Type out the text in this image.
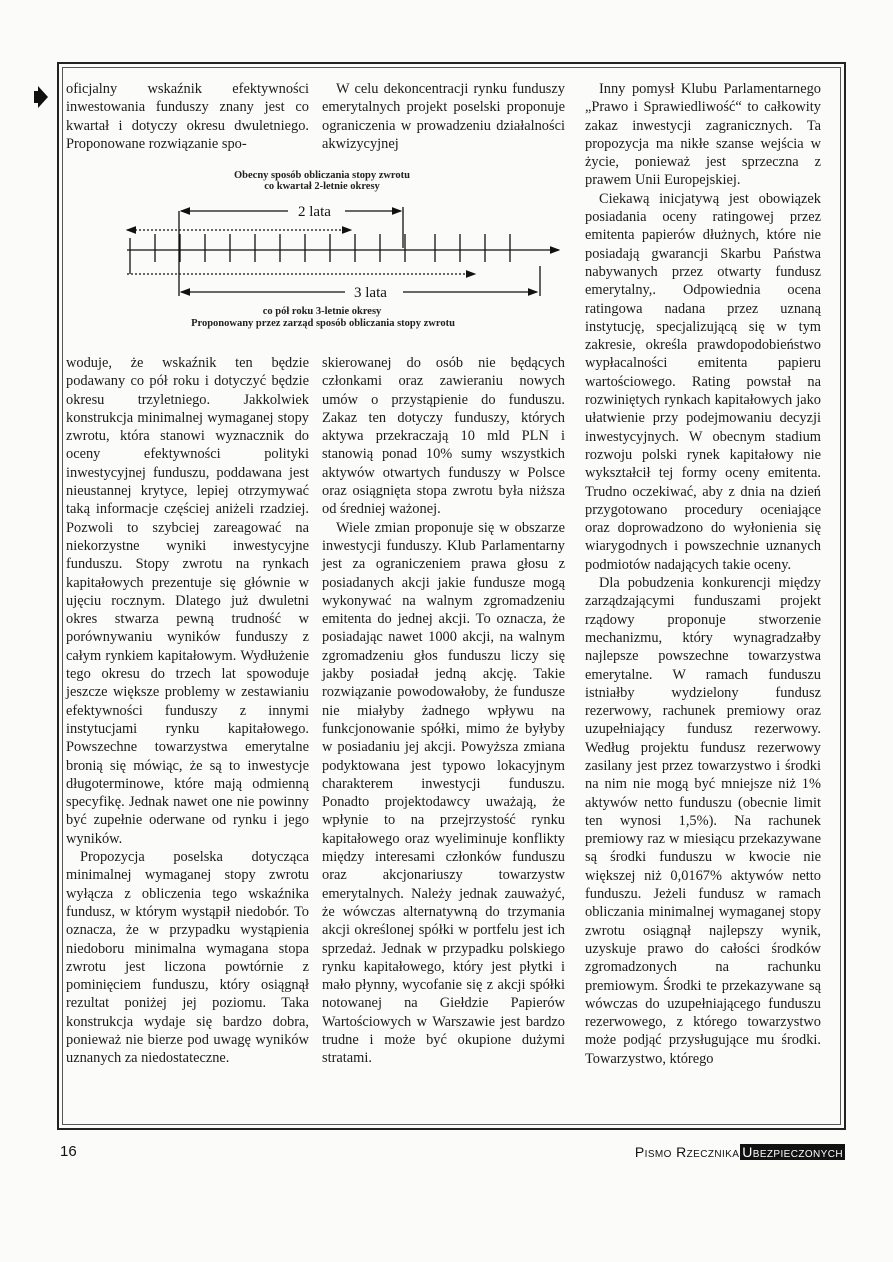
oficjalny wskaźnik efektywności inwestowania funduszy znany jest co kwartał i dotyczy okresu dwuletniego. Proponowane rozwiązanie spo-

W celu dekoncentracji rynku funduszy emerytalnych projekt poselski proponuje ograniczenia w prowadzeniu działalności akwizycyjnej

Obecny sposób obliczania stopy zwrotu
co kwartał 2-letnie okresy
2 lata
3 lata
co pół roku 3-letnie okresy
Proponowany przez zarząd sposób obliczania stopy zwrotu

woduje, że wskaźnik ten będzie podawany co pół roku i dotyczyć będzie okresu trzyletniego. Jakkolwiek konstrukcja minimalnej wymaganej stopy zwrotu, która stanowi wyznacznik do oceny efektywności polityki inwestycyjnej funduszu, poddawana jest nieustannej krytyce, lepiej otrzymywać taką informacje częściej aniżeli rzadziej. Pozwoli to szybciej zareagować na niekorzystne wyniki inwestycyjne funduszu. Stopy zwrotu na rynkach kapitałowych prezentuje się głównie w ujęciu rocznym. Dlatego już dwuletni okres stwarza pewną trudność w porównywaniu wyników funduszy z całym rynkiem kapitałowym. Wydłużenie tego okresu do trzech lat spowoduje jeszcze większe problemy w zestawianiu efektywności funduszy z innymi instytucjami rynku kapitałowego. Powszechne towarzystwa emerytalne bronią się mówiąc, że są to inwestycje długoterminowe, które mają odmienną specyfikę. Jednak nawet one nie powinny być zupełnie oderwane od rynku i jego wyników.

Propozycja poselska dotycząca minimalnej wymaganej stopy zwrotu wyłącza z obliczenia tego wskaźnika fundusz, w którym wystąpił niedobór. To oznacza, że w przypadku wystąpienia niedoboru minimalna wymagana stopa zwrotu jest liczona powtórnie z pominięciem funduszu, który osiągnął rezultat poniżej jej poziomu. Taka konstrukcja wydaje się bardzo dobra, ponieważ nie bierze pod uwagę wyników uznanych za niedostateczne.

skierowanej do osób nie będących członkami oraz zawieraniu nowych umów o przystąpienie do funduszu. Zakaz ten dotyczy funduszy, których aktywa przekraczają 10 mld PLN i stanowią ponad 10% sumy wszystkich aktywów otwartych funduszy w Polsce oraz osiągnięta stopa zwrotu była niższa od średniej ważonej.

Wiele zmian proponuje się w obszarze inwestycji funduszy. Klub Parlamentarny jest za ograniczeniem prawa głosu z posiadanych akcji jakie fundusze mogą wykonywać na walnym zgromadzeniu emitenta do jednej akcji. To oznacza, że posiadając nawet 1000 akcji, na walnym zgromadzeniu głos funduszu liczy się jakby posiadał jedną akcję. Takie rozwiązanie powodowałoby, że fundusze nie miałyby żadnego wpływu na funkcjonowanie spółki, mimo że byłyby w posiadaniu jej akcji. Powyższa zmiana podyktowana jest typowo lokacyjnym charakterem inwestycji funduszu. Ponadto projektodawcy uważają, że wpłynie to na przejrzystość rynku kapitałowego oraz wyeliminuje konflikty między interesami członków funduszu oraz akcjonariuszy towarzystw emerytalnych. Należy jednak zauważyć, że wówczas alternatywną do trzymania akcji określonej spółki w portfelu jest ich sprzedaż. Jednak w przypadku polskiego rynku kapitałowego, który jest płytki i mało płynny, wycofanie się z akcji spółki notowanej na Giełdzie Papierów Wartościowych w Warszawie jest bardzo trudne i może być okupione dużymi stratami.

Inny pomysł Klubu Parlamentarnego „Prawo i Sprawiedliwość“ to całkowity zakaz inwestycji zagranicznych. Ta propozycja ma nikłe szanse wejścia w życie, ponieważ jest sprzeczna z prawem Unii Europejskiej.

Ciekawą inicjatywą jest obowiązek posiadania oceny ratingowej przez emitenta papierów dłużnych, które nie posiadają gwarancji Skarbu Państwa nabywanych przez otwarty fundusz emerytalny,. Odpowiednia ocena ratingowa nadana przez uznaną instytucję, specjalizującą się w tym zakresie, określa prawdopodobieństwo wypłacalności emitenta papieru wartościowego. Rating powstał na rozwiniętych rynkach kapitałowych jako ułatwienie przy podejmowaniu decyzji inwestycyjnych. W obecnym stadium rozwoju polski rynek kapitałowy nie wykształcił tej formy oceny emitenta. Trudno oczekiwać, aby z dnia na dzień przygotowano procedury oceniające oraz doprowadzono do wyłonienia się wiarygodnych i powszechnie uznanych podmiotów nadających takie oceny.

Dla pobudzenia konkurencji między zarządzającymi funduszami projekt rządowy proponuje stworzenie mechanizmu, który wynagradzałby najlepsze powszechne towarzystwa emerytalne. W ramach funduszu istniałby wydzielony fundusz rezerwowy, rachunek premiowy oraz uzupełniający fundusz rezerwowy. Według projektu fundusz rezerwowy zasilany jest przez towarzystwo i środki na nim nie mogą być mniejsze niż 1% aktywów netto funduszu (obecnie limit ten wynosi 1,5%). Na rachunek premiowy raz w miesiącu przekazywane są środki funduszu w kwocie nie większej niż 0,0167% aktywów netto funduszu. Jeżeli fundusz w ramach obliczania minimalnej wymaganej stopy zwrotu osiągnął najlepszy wynik, uzyskuje prawo do całości środków zgromadzonych na rachunku premiowym. Środki te przekazywane są wówczas do uzupełniającego funduszu rezerwowego, z którego towarzystwo może podjąć przysługujące mu środki. Towarzystwo, którego

16	Pismo Rzecznika Ubezpieczonych
